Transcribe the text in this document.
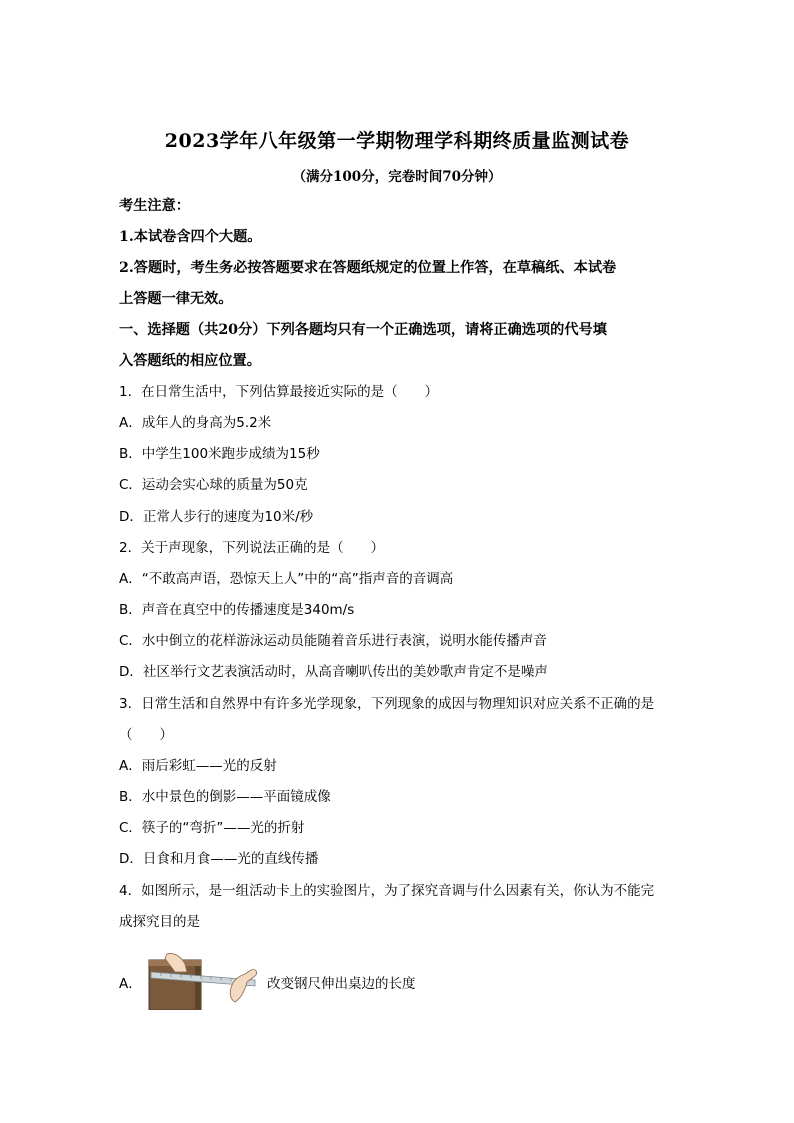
2023学年八年级第一学期物理学科期终质量监测试卷
（满分100分，完卷时间70分钟）
考生注意：
1.本试卷含四个大题。
2.答题时，考生务必按答题要求在答题纸规定的位置上作答，在草稿纸、本试卷
上答题一律无效。
一、选择题（共20分）下列各题均只有一个正确选项，请将正确选项的代号填
入答题纸的相应位置。
1．在日常生活中，下列估算最接近实际的是（　　）
A．成年人的身高为5.2米
B．中学生100米跑步成绩为15秒
C．运动会实心球的质量为50克
D．正常人步行的速度为10米/秒
2．关于声现象，下列说法正确的是（　　）
A．“不敢高声语，恐惊天上人”中的“高”指声音的音调高
B．声音在真空中的传播速度是340m/s
C．水中倒立的花样游泳运动员能随着音乐进行表演，说明水能传播声音
D．社区举行文艺表演活动时，从高音喇叭传出的美妙歌声肯定不是噪声
3．日常生活和自然界中有许多光学现象，下列现象的成因与物理知识对应关系不正确的是
（　　）
A．雨后彩虹——光的反射
B．水中景色的倒影——平面镜成像
C．筷子的“弯折”——光的折射
D．日食和月食——光的直线传播
4．如图所示，是一组活动卡上的实验图片，为了探究音调与什么因素有关，你认为不能完
成探究目的是
A．	改变钢尺伸出桌边的长度
